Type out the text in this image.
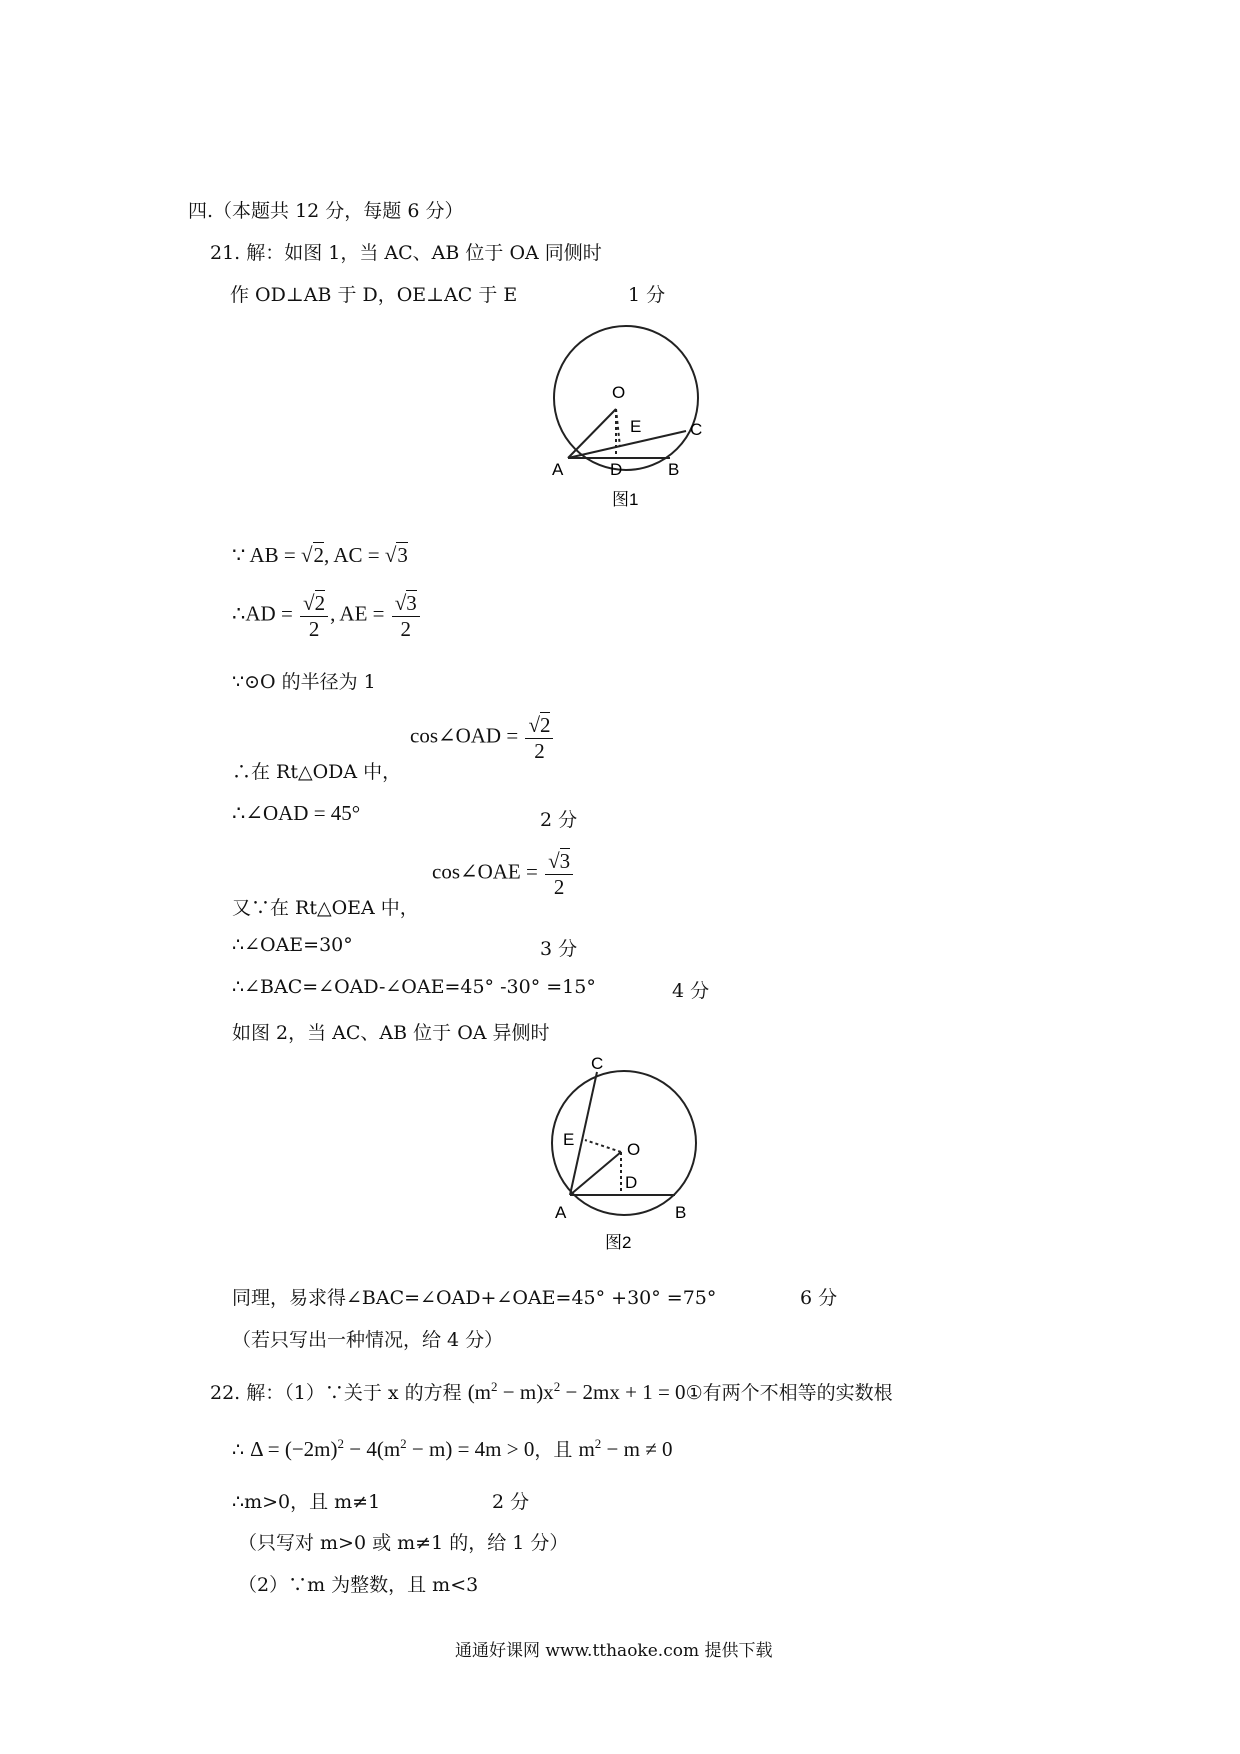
四.（本题共 12 分，每题 6 分）
21. 解：如图 1，当 AC、AB 位于 OA 同侧时
作 OD⊥AB 于 D，OE⊥AC 于 E	1 分
O
E	C
A	D	B
图1
∵ AB = √2, AC = √3
∴AD = $\frac{√2}{2}$ , AE = $\frac{√3}{2}$
∵⊙O 的半径为 1
∴在 Rt△ODA 中，
cos∠OAD = $\frac{√2}{2}$
∴∠OAD = 45°	2 分
又∵在 Rt△OEA 中，
cos∠OAE = $\frac{√3}{2}$
∴∠OAE=30°	3 分
∴∠BAC=∠OAD-∠OAE=45° -30° =15°	4 分
如图 2，当 AC、AB 位于 OA 异侧时
C
E
O
D
A	B
图2
同理，易求得∠BAC=∠OAD+∠OAE=45° +30° =75°	6 分
（若只写出一种情况，给 4 分）
22. 解：（1）∵关于 x 的方程 $(m^2 - m)x^2 - 2mx + 1$ = 0①有两个不相等的实数根
∴ $\Delta = (-2m)^2 - 4(m^2 - m) = 4m > 0$，且 $m^2 - m \ne 0$
∴m>0，且 m≠1	2 分
（只写对 m>0 或 m≠1 的，给 1 分）
（2）∵m 为整数，且 m<3
通通好课网 www.tthaoke.com 提供下载
